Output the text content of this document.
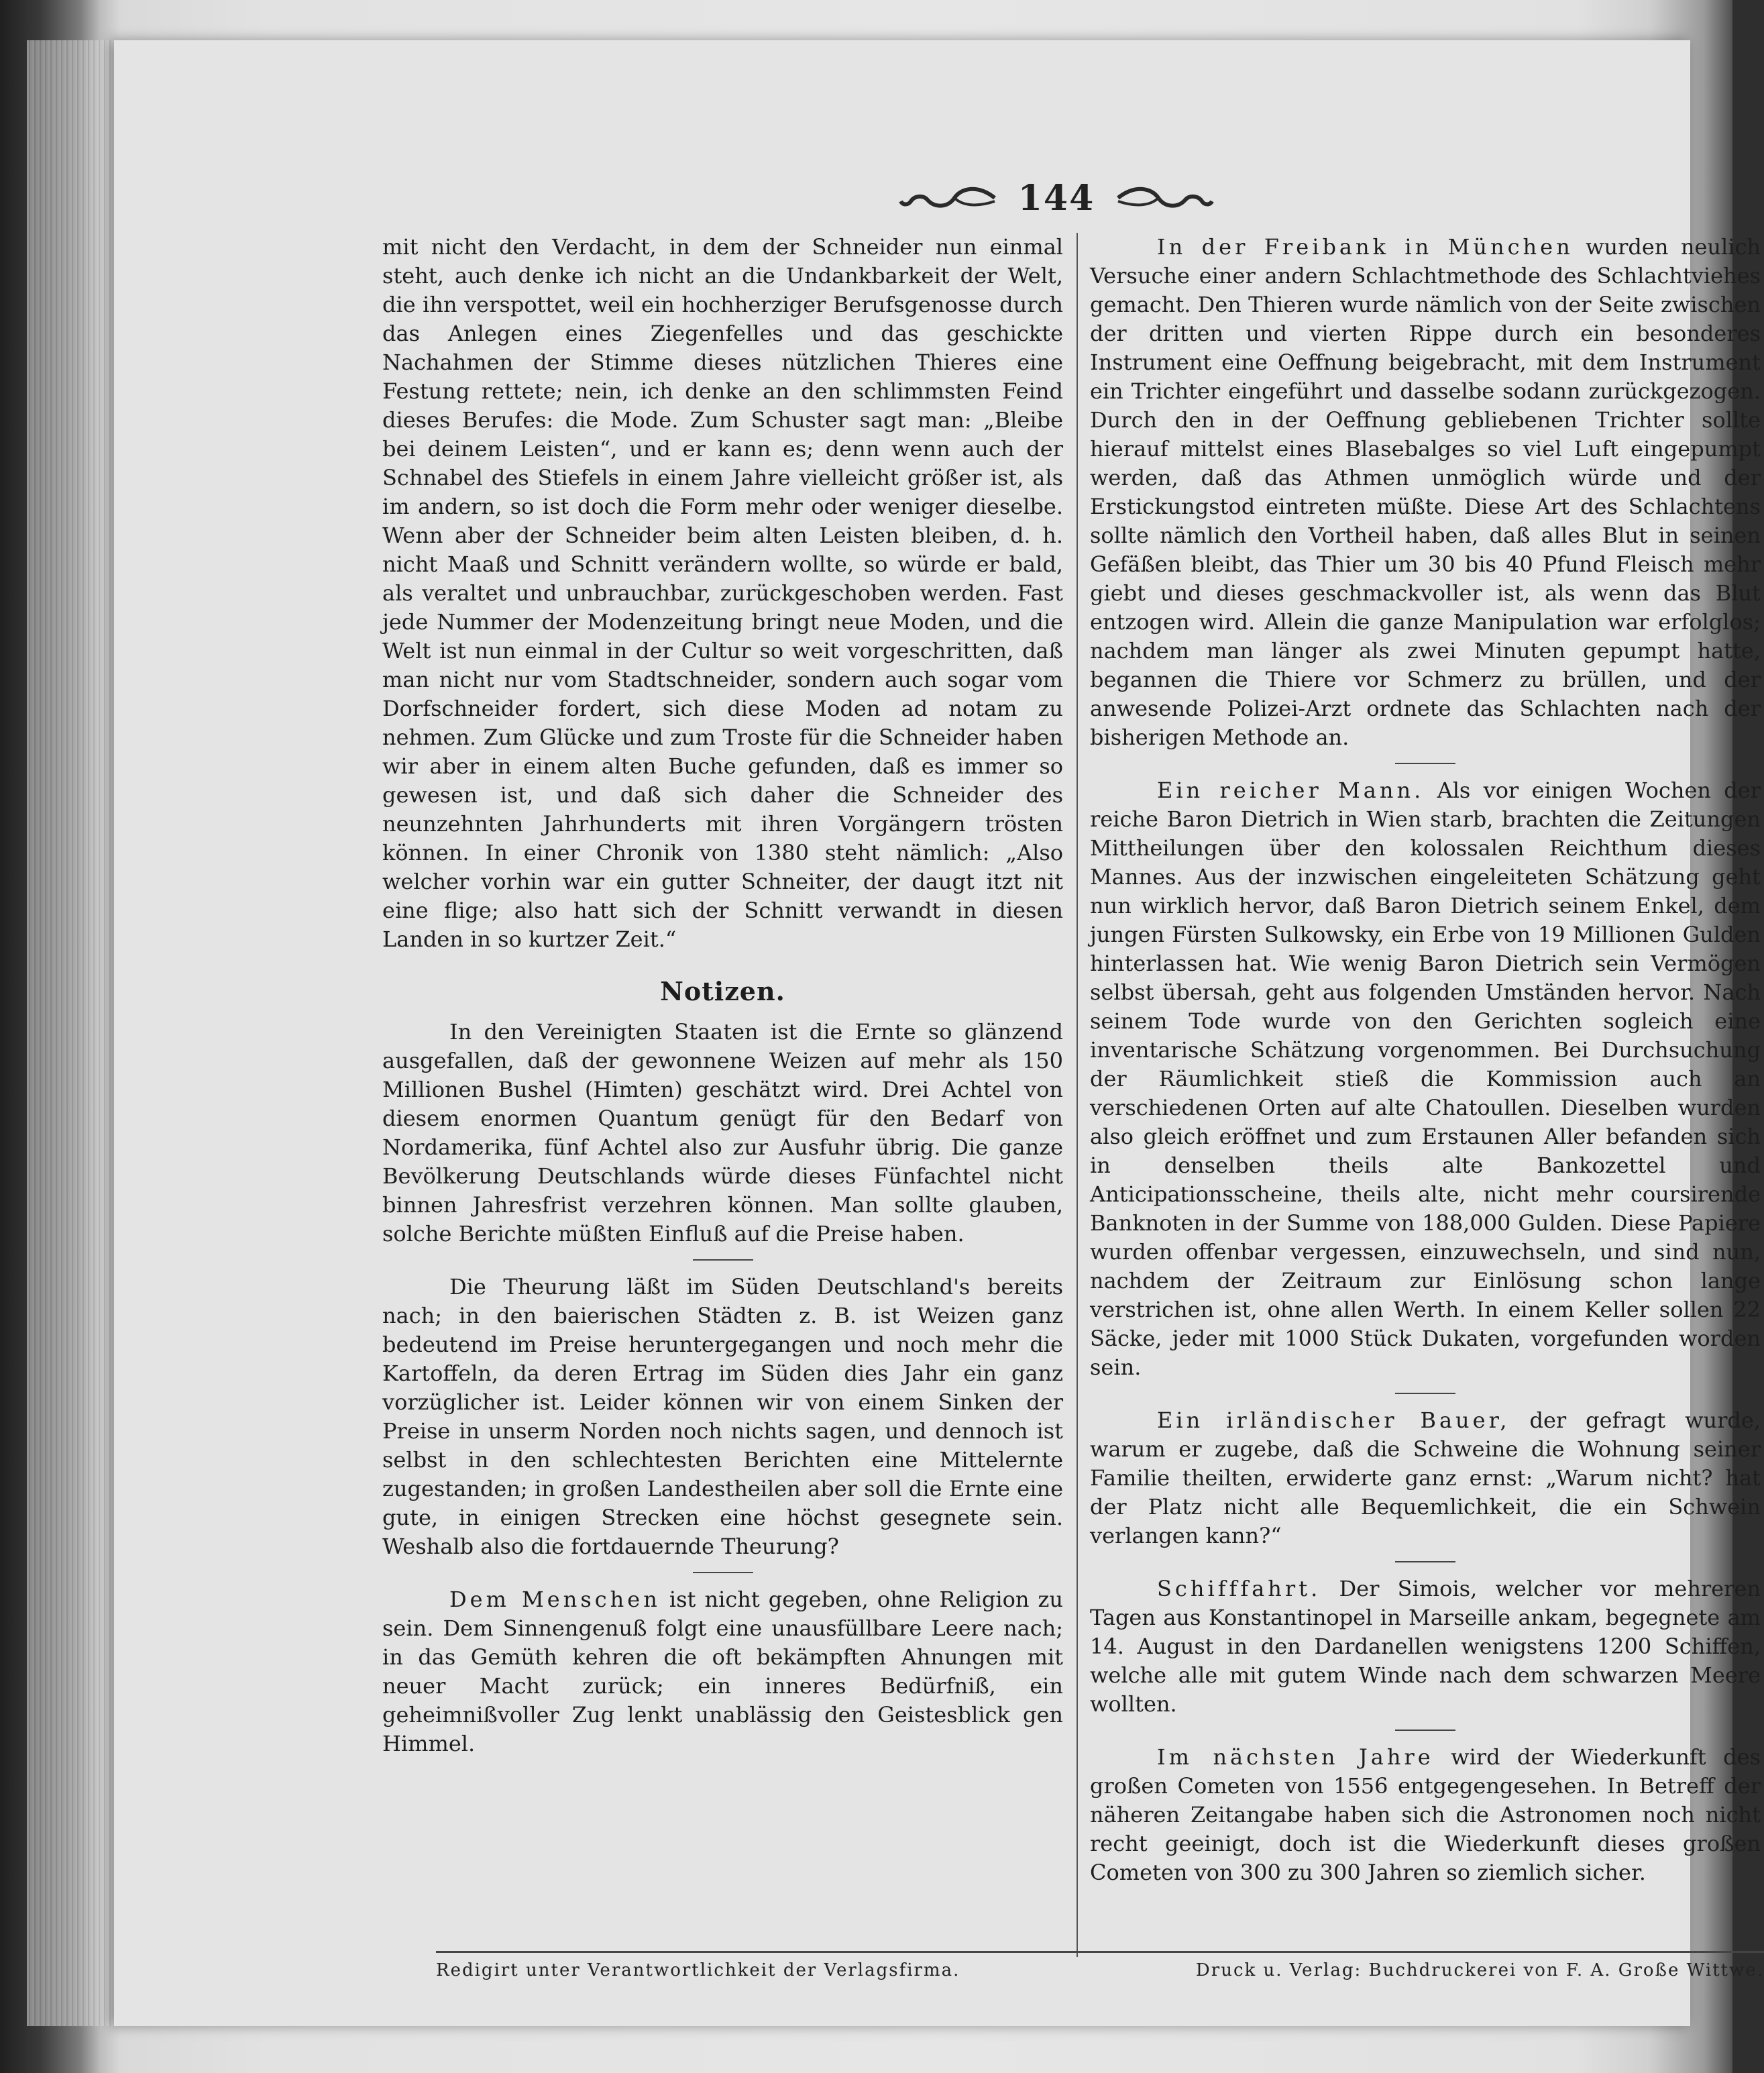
144

mit nicht den Verdacht, in dem der Schneider nun einmal steht, auch denke ich nicht an die Undankbarkeit der Welt, die ihn verspottet, weil ein hochherziger Berufsgenosse durch das Anlegen eines Ziegenfelles und das geschickte Nachahmen der Stimme dieses nützlichen Thieres eine Festung rettete; nein, ich denke an den schlimmsten Feind dieses Berufes: die Mode. Zum Schuster sagt man: „Bleibe bei deinem Leisten“, und er kann es; denn wenn auch der Schnabel des Stiefels in einem Jahre vielleicht größer ist, als im andern, so ist doch die Form mehr oder weniger dieselbe. Wenn aber der Schneider beim alten Leisten bleiben, d. h. nicht Maaß und Schnitt verändern wollte, so würde er bald, als veraltet und unbrauchbar, zurückgeschoben werden. Fast jede Nummer der Modenzeitung bringt neue Moden, und die Welt ist nun einmal in der Cultur so weit vorgeschritten, daß man nicht nur vom Stadtschneider, sondern auch sogar vom Dorfschneider fordert, sich diese Moden ad notam zu nehmen. Zum Glücke und zum Troste für die Schneider haben wir aber in einem alten Buche gefunden, daß es immer so gewesen ist, und daß sich daher die Schneider des neunzehnten Jahrhunderts mit ihren Vorgängern trösten können. In einer Chronik von 1380 steht nämlich: „Also welcher vorhin war ein gutter Schneiter, der daugt itzt nit eine flige; also hatt sich der Schnitt verwandt in diesen Landen in so kurtzer Zeit.“

Notizen.

In den Vereinigten Staaten ist die Ernte so glänzend ausgefallen, daß der gewonnene Weizen auf mehr als 150 Millionen Bushel (Himten) geschätzt wird. Drei Achtel von diesem enormen Quantum genügt für den Bedarf von Nordamerika, fünf Achtel also zur Ausfuhr übrig. Die ganze Bevölkerung Deutschlands würde dieses Fünfachtel nicht binnen Jahresfrist verzehren können. Man sollte glauben, solche Berichte müßten Einfluß auf die Preise haben.

Die Theurung läßt im Süden Deutschland's bereits nach; in den baierischen Städten z. B. ist Weizen ganz bedeutend im Preise heruntergegangen und noch mehr die Kartoffeln, da deren Ertrag im Süden dies Jahr ein ganz vorzüglicher ist. Leider können wir von einem Sinken der Preise in unserm Norden noch nichts sagen, und dennoch ist selbst in den schlechtesten Berichten eine Mittelernte zugestanden; in großen Landestheilen aber soll die Ernte eine gute, in einigen Strecken eine höchst gesegnete sein. Weshalb also die fortdauernde Theurung?

Dem Menschen ist nicht gegeben, ohne Religion zu sein. Dem Sinnengenuß folgt eine unausfüllbare Leere nach; in das Gemüth kehren die oft bekämpften Ahnungen mit neuer Macht zurück; ein inneres Bedürfniß, ein geheimnißvoller Zug lenkt unablässig den Geistesblick gen Himmel.

In der Freibank in München wurden neulich Versuche einer andern Schlachtmethode des Schlachtviehes gemacht. Den Thieren wurde nämlich von der Seite zwischen der dritten und vierten Rippe durch ein besonderes Instrument eine Oeffnung beigebracht, mit dem Instrument ein Trichter eingeführt und dasselbe sodann zurückgezogen. Durch den in der Oeffnung gebliebenen Trichter sollte hierauf mittelst eines Blasebalges so viel Luft eingepumpt werden, daß das Athmen unmöglich würde und der Erstickungstod eintreten müßte. Diese Art des Schlachtens sollte nämlich den Vortheil haben, daß alles Blut in seinen Gefäßen bleibt, das Thier um 30 bis 40 Pfund Fleisch mehr giebt und dieses geschmackvoller ist, als wenn das Blut entzogen wird. Allein die ganze Manipulation war erfolglos; nachdem man länger als zwei Minuten gepumpt hatte, begannen die Thiere vor Schmerz zu brüllen, und der anwesende Polizei-Arzt ordnete das Schlachten nach der bisherigen Methode an.

Ein reicher Mann. Als vor einigen Wochen der reiche Baron Dietrich in Wien starb, brachten die Zeitungen Mittheilungen über den kolossalen Reichthum dieses Mannes. Aus der inzwischen eingeleiteten Schätzung geht nun wirklich hervor, daß Baron Dietrich seinem Enkel, dem jungen Fürsten Sulkowsky, ein Erbe von 19 Millionen Gulden hinterlassen hat. Wie wenig Baron Dietrich sein Vermögen selbst übersah, geht aus folgenden Umständen hervor. Nach seinem Tode wurde von den Gerichten sogleich eine inventarische Schätzung vorgenommen. Bei Durchsuchung der Räumlichkeit stieß die Kommission auch an verschiedenen Orten auf alte Chatoullen. Dieselben wurden also gleich eröffnet und zum Erstaunen Aller befanden sich in denselben theils alte Bankozettel und Anticipationsscheine, theils alte, nicht mehr coursirende Banknoten in der Summe von 188,000 Gulden. Diese Papiere wurden offenbar vergessen, einzuwechseln, und sind nun, nachdem der Zeitraum zur Einlösung schon lange verstrichen ist, ohne allen Werth. In einem Keller sollen 22 Säcke, jeder mit 1000 Stück Dukaten, vorgefunden worden sein.

Ein irländischer Bauer, der gefragt wurde, warum er zugebe, daß die Schweine die Wohnung seiner Familie theilten, erwiderte ganz ernst: „Warum nicht? hat der Platz nicht alle Bequemlichkeit, die ein Schwein verlangen kann?“

Schifffahrt. Der Simois, welcher vor mehreren Tagen aus Konstantinopel in Marseille ankam, begegnete am 14. August in den Dardanellen wenigstens 1200 Schiffen, welche alle mit gutem Winde nach dem schwarzen Meere wollten.

Im nächsten Jahre wird der Wiederkunft des großen Cometen von 1556 entgegengesehen. In Betreff der näheren Zeitangabe haben sich die Astronomen noch nicht recht geeinigt, doch ist die Wiederkunft dieses großen Cometen von 300 zu 300 Jahren so ziemlich sicher.

Redigirt unter Verantwortlichkeit der Verlagsfirma.	Druck u. Verlag: Buchdruckerei von F. A. Große Wittwe.
